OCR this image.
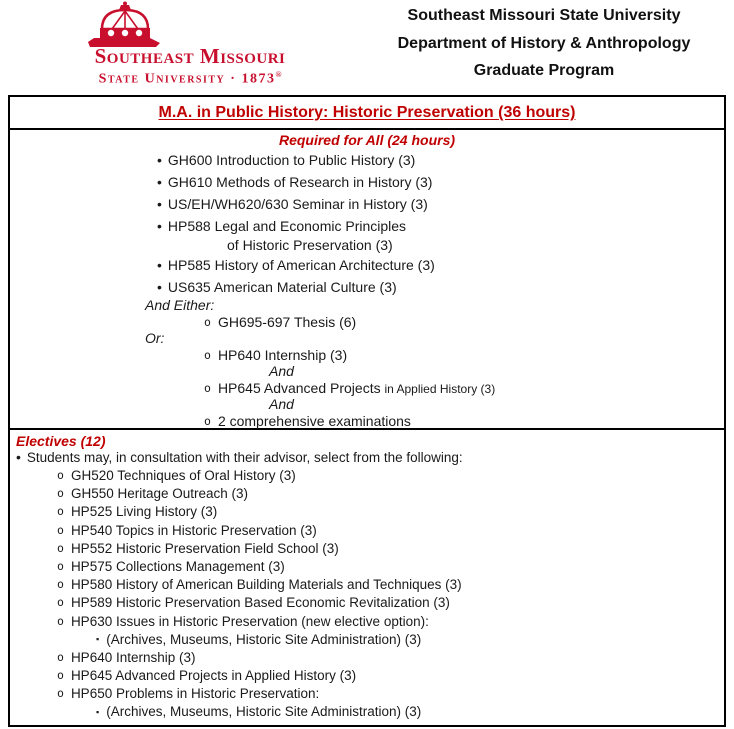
Southeast Missouri
State University · 1873®
Southeast Missouri State University
Department of History & Anthropology
Graduate Program
M.A. in Public History: Historic Preservation (36 hours)
Required for All (24 hours)
• GH600 Introduction to Public History (3)
• GH610 Methods of Research in History (3)
• US/EH/WH620/630 Seminar in History (3)
• HP588 Legal and Economic Principles
of Historic Preservation (3)
• HP585 History of American Architecture (3)
• US635 American Material Culture (3)
And Either:
o GH695-697 Thesis (6)
Or:
o HP640 Internship (3)
And
o HP645 Advanced Projects in Applied History (3)
And
o 2 comprehensive examinations
Electives (12)
• Students may, in consultation with their advisor, select from the following:
o GH520 Techniques of Oral History (3)
o GH550 Heritage Outreach (3)
o HP525 Living History (3)
o HP540 Topics in Historic Preservation (3)
o HP552 Historic Preservation Field School (3)
o HP575 Collections Management (3)
o HP580 History of American Building Materials and Techniques (3)
o HP589 Historic Preservation Based Economic Revitalization (3)
o HP630 Issues in Historic Preservation (new elective option):
▪ (Archives, Museums, Historic Site Administration) (3)
o HP640 Internship (3)
o HP645 Advanced Projects in Applied History (3)
o HP650 Problems in Historic Preservation:
▪ (Archives, Museums, Historic Site Administration) (3)
